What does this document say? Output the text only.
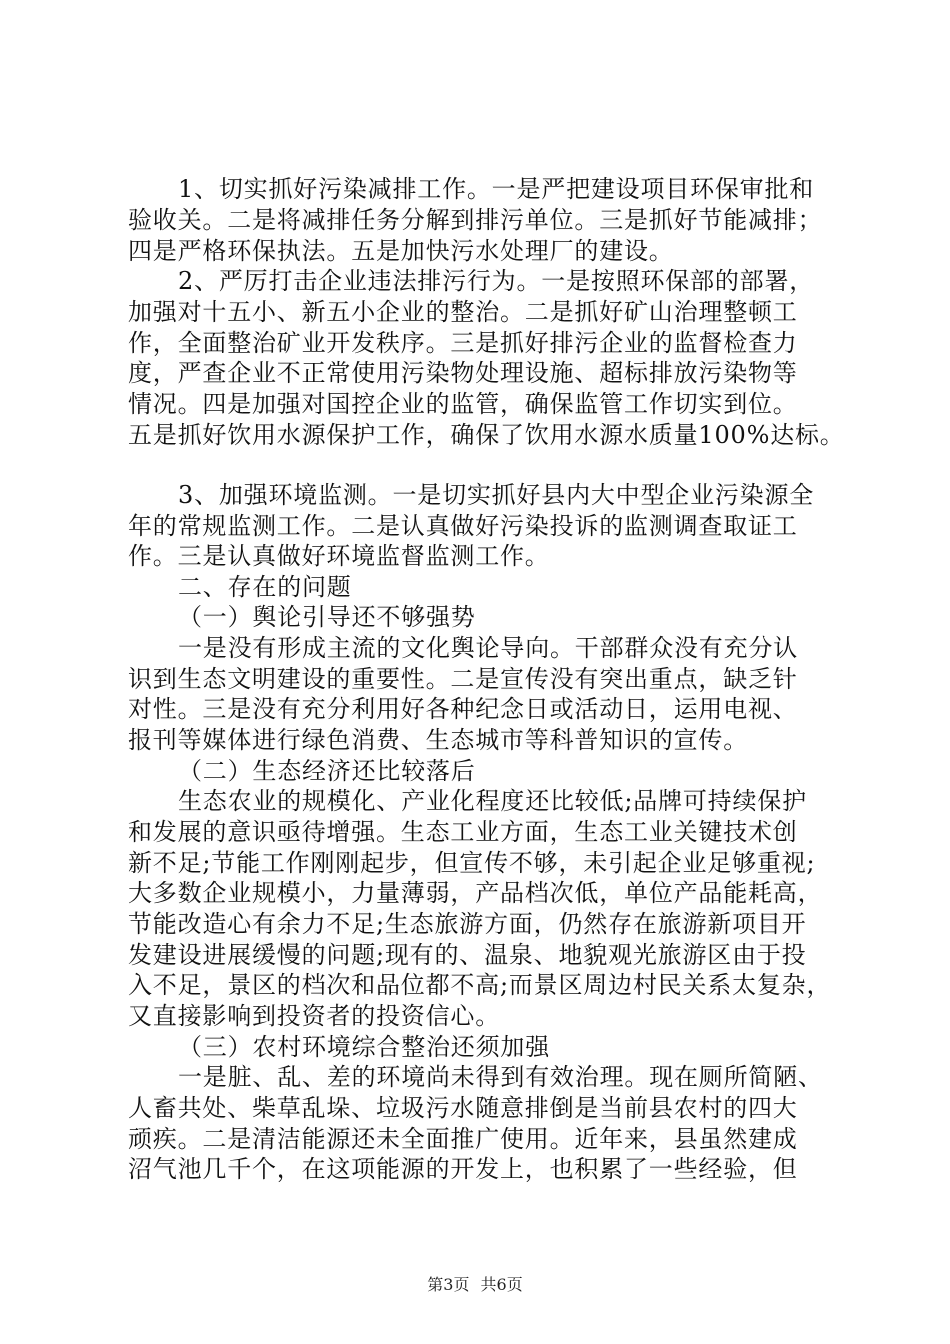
1、切实抓好污染减排工作。一是严把建设项目环保审批和
验收关。二是将减排任务分解到排污单位。三是抓好节能减排；
四是严格环保执法。五是加快污水处理厂的建设。
2、严厉打击企业违法排污行为。一是按照环保部的部署，
加强对十五小、新五小企业的整治。二是抓好矿山治理整顿工
作，全面整治矿业开发秩序。三是抓好排污企业的监督检查力
度，严查企业不正常使用污染物处理设施、超标排放污染物等
情况。四是加强对国控企业的监管，确保监管工作切实到位。
五是抓好饮用水源保护工作，确保了饮用水源水质量100%达标。
3、加强环境监测。一是切实抓好县内大中型企业污染源全
年的常规监测工作。二是认真做好污染投诉的监测调查取证工
作。三是认真做好环境监督监测工作。
二、存在的问题
（一）舆论引导还不够强势
一是没有形成主流的文化舆论导向。干部群众没有充分认
识到生态文明建设的重要性。二是宣传没有突出重点，缺乏针
对性。三是没有充分利用好各种纪念日或活动日，运用电视、
报刊等媒体进行绿色消费、生态城市等科普知识的宣传。
（二）生态经济还比较落后
生态农业的规模化、产业化程度还比较低;品牌可持续保护
和发展的意识亟待增强。生态工业方面，生态工业关键技术创
新不足;节能工作刚刚起步，但宣传不够，未引起企业足够重视;
大多数企业规模小，力量薄弱，产品档次低，单位产品能耗高，
节能改造心有余力不足;生态旅游方面，仍然存在旅游新项目开
发建设进展缓慢的问题;现有的、温泉、地貌观光旅游区由于投
入不足，景区的档次和品位都不高;而景区周边村民关系太复杂，
又直接影响到投资者的投资信心。
（三）农村环境综合整治还须加强
一是脏、乱、差的环境尚未得到有效治理。现在厕所简陋、
人畜共处、柴草乱垛、垃圾污水随意排倒是当前县农村的四大
顽疾。二是清洁能源还未全面推广使用。近年来，县虽然建成
沼气池几千个，在这项能源的开发上，也积累了一些经验，但
第3页 共6页
